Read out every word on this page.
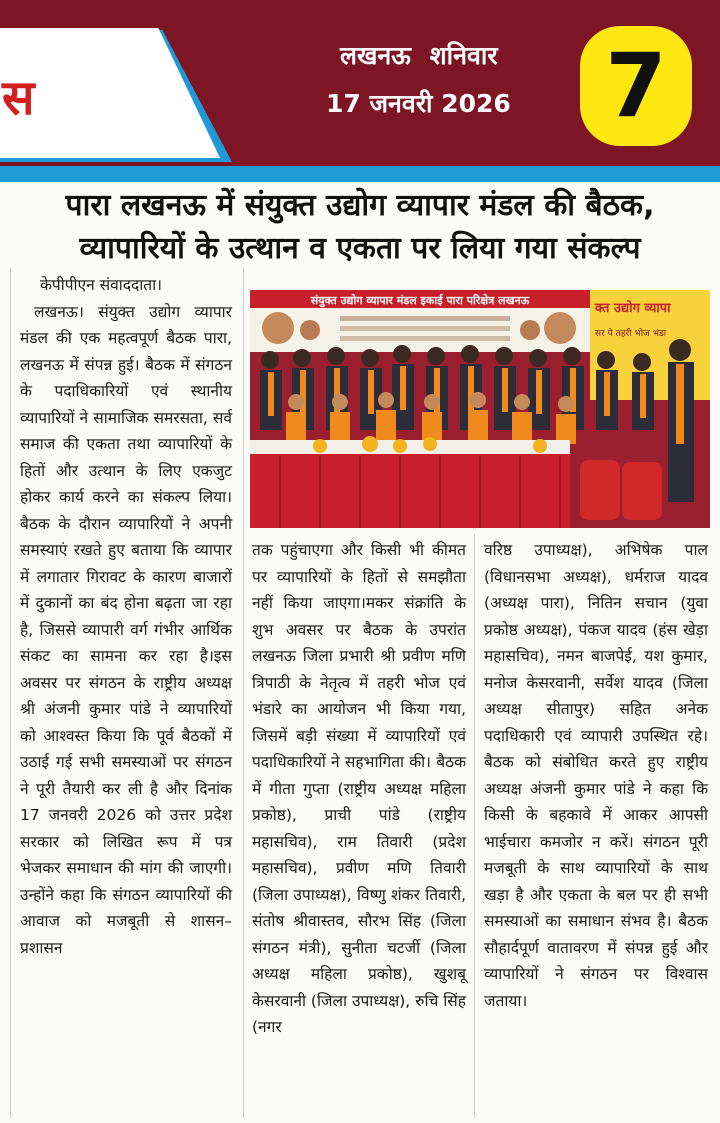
स
लखनऊ शनिवार
17 जनवरी 2026 7
पारा लखनऊ में संयुक्त उद्योग व्यापार मंडल की बैठक,
व्यापारियों के उत्थान व एकता पर लिया गया संकल्प

केपीपीएन संवाददाता।

लखनऊ। संयुक्त उद्योग व्यापार मंडल की एक महत्वपूर्ण बैठक पारा, लखनऊ में संपन्न हुई। बैठक में संगठन के पदाधिकारियों एवं स्थानीय व्यापारियों ने सामाजिक समरसता, सर्व समाज की एकता तथा व्यापारियों के हितों और उत्थान के लिए एकजुट होकर कार्य करने का संकल्प लिया। बैठक के दौरान व्यापारियों ने अपनी समस्याएं रखते हुए बताया कि व्यापार में लगातार गिरावट के कारण बाजारों में दुकानों का बंद होना बढ़ता जा रहा है, जिससे व्यापारी वर्ग गंभीर आर्थिक संकट का सामना कर रहा है।इस अवसर पर संगठन के राष्ट्रीय अध्यक्ष श्री अंजनी कुमार पांडे ने व्यापारियों को आश्वस्त किया कि पूर्व बैठकों में उठाई गई सभी समस्याओं पर संगठन ने पूरी तैयारी कर ली है और दिनांक 17 जनवरी 2026 को उत्तर प्रदेश सरकार को लिखित रूप में पत्र भेजकर समाधान की मांग की जाएगी। उन्होंने कहा कि संगठन व्यापारियों की आवाज को मजबूती से शासन–प्रशासन

संयुक्त उद्योग व्यापार मंडल इकाई पारा परिक्षेत्र लखनऊ
क्त उद्योग व्यापा
सर पे तहरी भोज भंडा

तक पहुंचाएगा और किसी भी कीमत पर व्यापारियों के हितों से समझौता नहीं किया जाएगा।मकर संक्रांति के शुभ अवसर पर बैठक के उपरांत लखनऊ जिला प्रभारी श्री प्रवीण मणि त्रिपाठी के नेतृत्व में तहरी भोज एवं भंडारे का आयोजन भी किया गया, जिसमें बड़ी संख्या में व्यापारियों एवं पदाधिकारियों ने सहभागिता की। बैठक में गीता गुप्ता (राष्ट्रीय अध्यक्ष महिला प्रकोष्ठ), प्राची पांडे (राष्ट्रीय महासचिव), राम तिवारी (प्रदेश महासचिव), प्रवीण मणि तिवारी (जिला उपाध्यक्ष), विष्णु शंकर तिवारी, संतोष श्रीवास्तव, सौरभ सिंह (जिला संगठन मंत्री), सुनीता चटर्जी (जिला अध्यक्ष महिला प्रकोष्ठ), खुशबू केसरवानी (जिला उपाध्यक्ष), रुचि सिंह (नगर

वरिष्ठ उपाध्यक्ष), अभिषेक पाल (विधानसभा अध्यक्ष), धर्मराज यादव (अध्यक्ष पारा), नितिन सचान (युवा प्रकोष्ठ अध्यक्ष), पंकज यादव (हंस खेड़ा महासचिव), नमन बाजपेई, यश कुमार, मनोज केसरवानी, सर्वेश यादव (जिला अध्यक्ष सीतापुर) सहित अनेक पदाधिकारी एवं व्यापारी उपस्थित रहे।बैठक को संबोधित करते हुए राष्ट्रीय अध्यक्ष अंजनी कुमार पांडे ने कहा कि किसी के बहकावे में आकर आपसी भाईचारा कमजोर न करें। संगठन पूरी मजबूती के साथ व्यापारियों के साथ खड़ा है और एकता के बल पर ही सभी समस्याओं का समाधान संभव है। बैठक सौहार्दपूर्ण वातावरण में संपन्न हुई और व्यापारियों ने संगठन पर विश्वास जताया।
